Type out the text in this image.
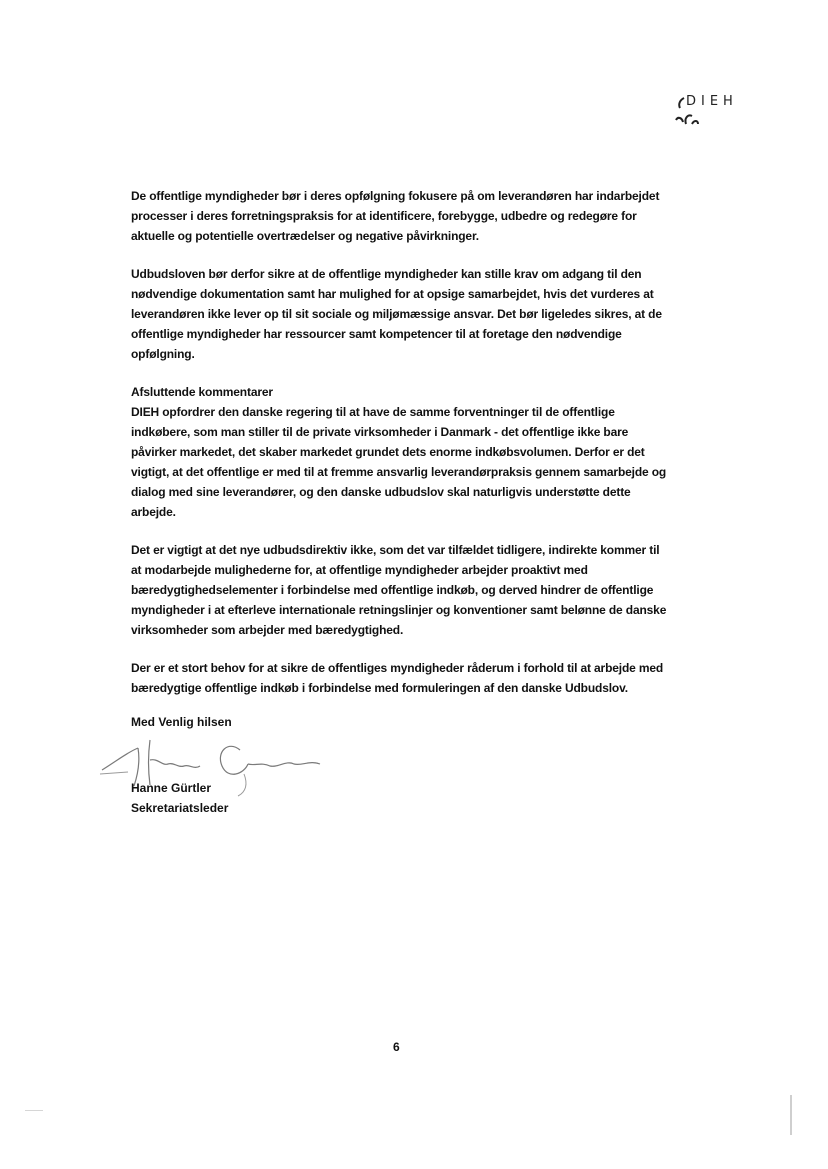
DIEH

De offentlige myndigheder bør i deres opfølgning fokusere på om leverandøren har indarbejdet processer i deres forretningspraksis for at identificere, forebygge, udbedre og redegøre for aktuelle og potentielle overtrædelser og negative påvirkninger.

Udbudsloven bør derfor sikre at de offentlige myndigheder kan stille krav om adgang til den nødvendige dokumentation samt har mulighed for at opsige samarbejdet, hvis det vurderes at leverandøren ikke lever op til sit sociale og miljømæssige ansvar. Det bør ligeledes sikres, at de offentlige myndigheder har ressourcer samt kompetencer til at foretage den nødvendige opfølgning.

Afsluttende kommentarer

DIEH opfordrer den danske regering til at have de samme forventninger til de offentlige indkøbere, som man stiller til de private virksomheder i Danmark - det offentlige ikke bare påvirker markedet, det skaber markedet grundet dets enorme indkøbsvolumen. Derfor er det vigtigt, at det offentlige er med til at fremme ansvarlig leverandørpraksis gennem samarbejde og dialog med sine leverandører, og den danske udbudslov skal naturligvis understøtte dette arbejde.

Det er vigtigt at det nye udbudsdirektiv ikke, som det var tilfældet tidligere, indirekte kommer til at modarbejde mulighederne for, at offentlige myndigheder arbejder proaktivt med bæredygtighedselementer i forbindelse med offentlige indkøb, og derved hindrer de offentlige myndigheder i at efterleve internationale retningslinjer og konventioner samt belønne de danske virksomheder som arbejder med bæredygtighed.

Der er et stort behov for at sikre de offentliges myndigheder råderum i forhold til at arbejde med bæredygtige offentlige indkøb i forbindelse med formuleringen af den danske Udbudslov.

Med Venlig hilsen
Hanne Gürtler
Sekretariatsleder
6
